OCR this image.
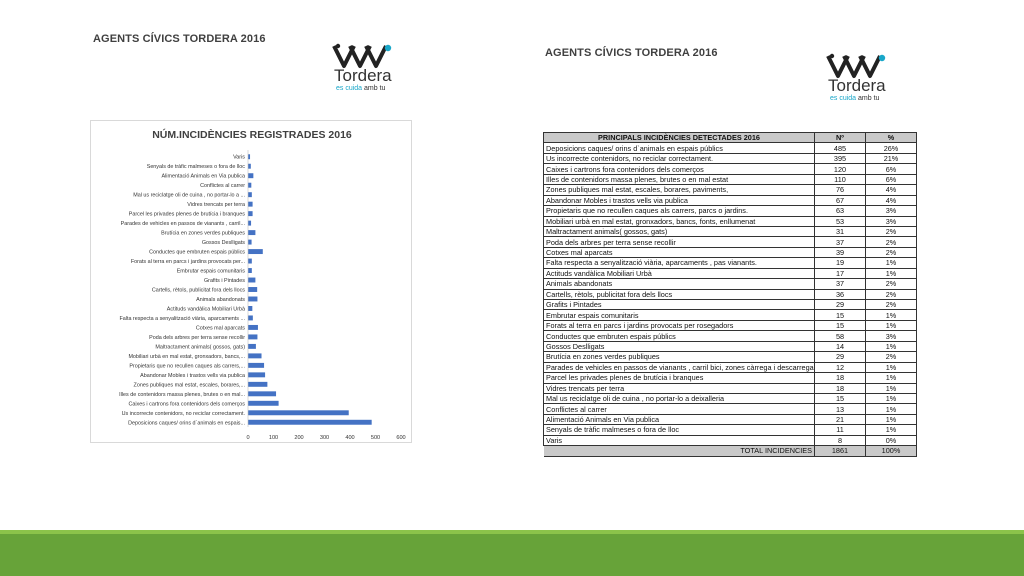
AGENTS CÍVICS TORDERA 2016
AGENTS CÍVICS TORDERA 2016
Tordera
es cuida amb tu	Tordera
es cuida amb tu
NÚM.INCIDÈNCIES REGISTRADES 2016
Varis
Senyals de tràfic malmeses o fora de lloc
Alimentació Animals en Via publica
Conflictes al carrer
Mal us reciclatge oli de cuina , no portar-lo a ...
Vidres trencats per terra
Parcel les privades plenes de brutícia i branques
Parades de vehicles en passos de vianants , carril...
Brutícia en zones verdes publiques
Gossos Deslligats
Conductes que embruten espais públics
Forats al terra en parcs i jardins provocats per...
Embrutar espais comunitaris
Grafits i Pintades
Cartells, rètols, publicitat fora dels llocs
Animals abandonats
Actituds vandàlica Mobiliari Urbà
Falta respecta a senyalització viària, aparcaments ...
Cotxes mal aparcats
Poda dels arbres per terra sense recollir
Maltractament animals( gossos, gats)
Mobiliari urbà en mal estat, gronxadors, bancs,...
Propietaris que no recullen caques als carrers,...
Abandonar Mobles i trastos vells via publica
Zones publiques mal estat, escales, borares,...
Illes de contenidors massa plenes, brutes o en mal...
Caixes i cartrons fora contenidors dels comerços
Us incorrecte contenidors, no reciclar correctament.
Deposicions caques/ orins d`animals en espais...
0	100	200	300	400	500	600
PRINCIPALS INCIDÈNCIES DETECTADES 2016	Nº	%
Deposicions caques/ orins d`animals en espais públics	485	26%
Us incorrecte contenidors, no reciclar correctament.	395	21%
Caixes i cartrons fora contenidors dels comerços	120	6%
Illes de contenidors massa plenes, brutes o en mal estat	110	6%
Zones publiques mal estat, escales, borares, paviments,	76	4%
Abandonar Mobles i trastos vells via publica	67	4%
Propietaris que no recullen caques als carrers, parcs o jardins.	63	3%
Mobiliari urbà en mal estat, gronxadors, bancs, fonts, enllumenat	53	3%
Maltractament animals( gossos, gats)	31	2%
Poda dels arbres per terra sense recollir	37	2%
Cotxes mal aparcats	39	2%
Falta respecta a senyalització viària, aparcaments , pas vianants.	19	1%
Actituds vandàlica Mobiliari Urbà	17	1%
Animals abandonats	37	2%
Cartells, rètols, publicitat fora dels llocs	36	2%
Grafits i Pintades	29	2%
Embrutar espais comunitaris	15	1%
Forats al terra en parcs i jardins provocats per rosegadors	15	1%
Conductes que embruten espais públics	58	3%
Gossos Deslligats	14	1%
Brutícia en zones verdes publiques	29	2%
Parades de vehicles en passos de vianants , carril bici, zones càrrega i descarrega	12	1%
Parcel les privades plenes de brutícia i branques	18	1%
Vidres trencats per terra	18	1%
Mal us reciclatge oli de cuina , no portar-lo a deixalleria	15	1%
Conflictes al carrer	13	1%
Alimentació Animals en Via publica	21	1%
Senyals de tràfic malmeses o fora de lloc	11	1%
Varis	8	0%
TOTAL INCIDENCIES	1861	100%
